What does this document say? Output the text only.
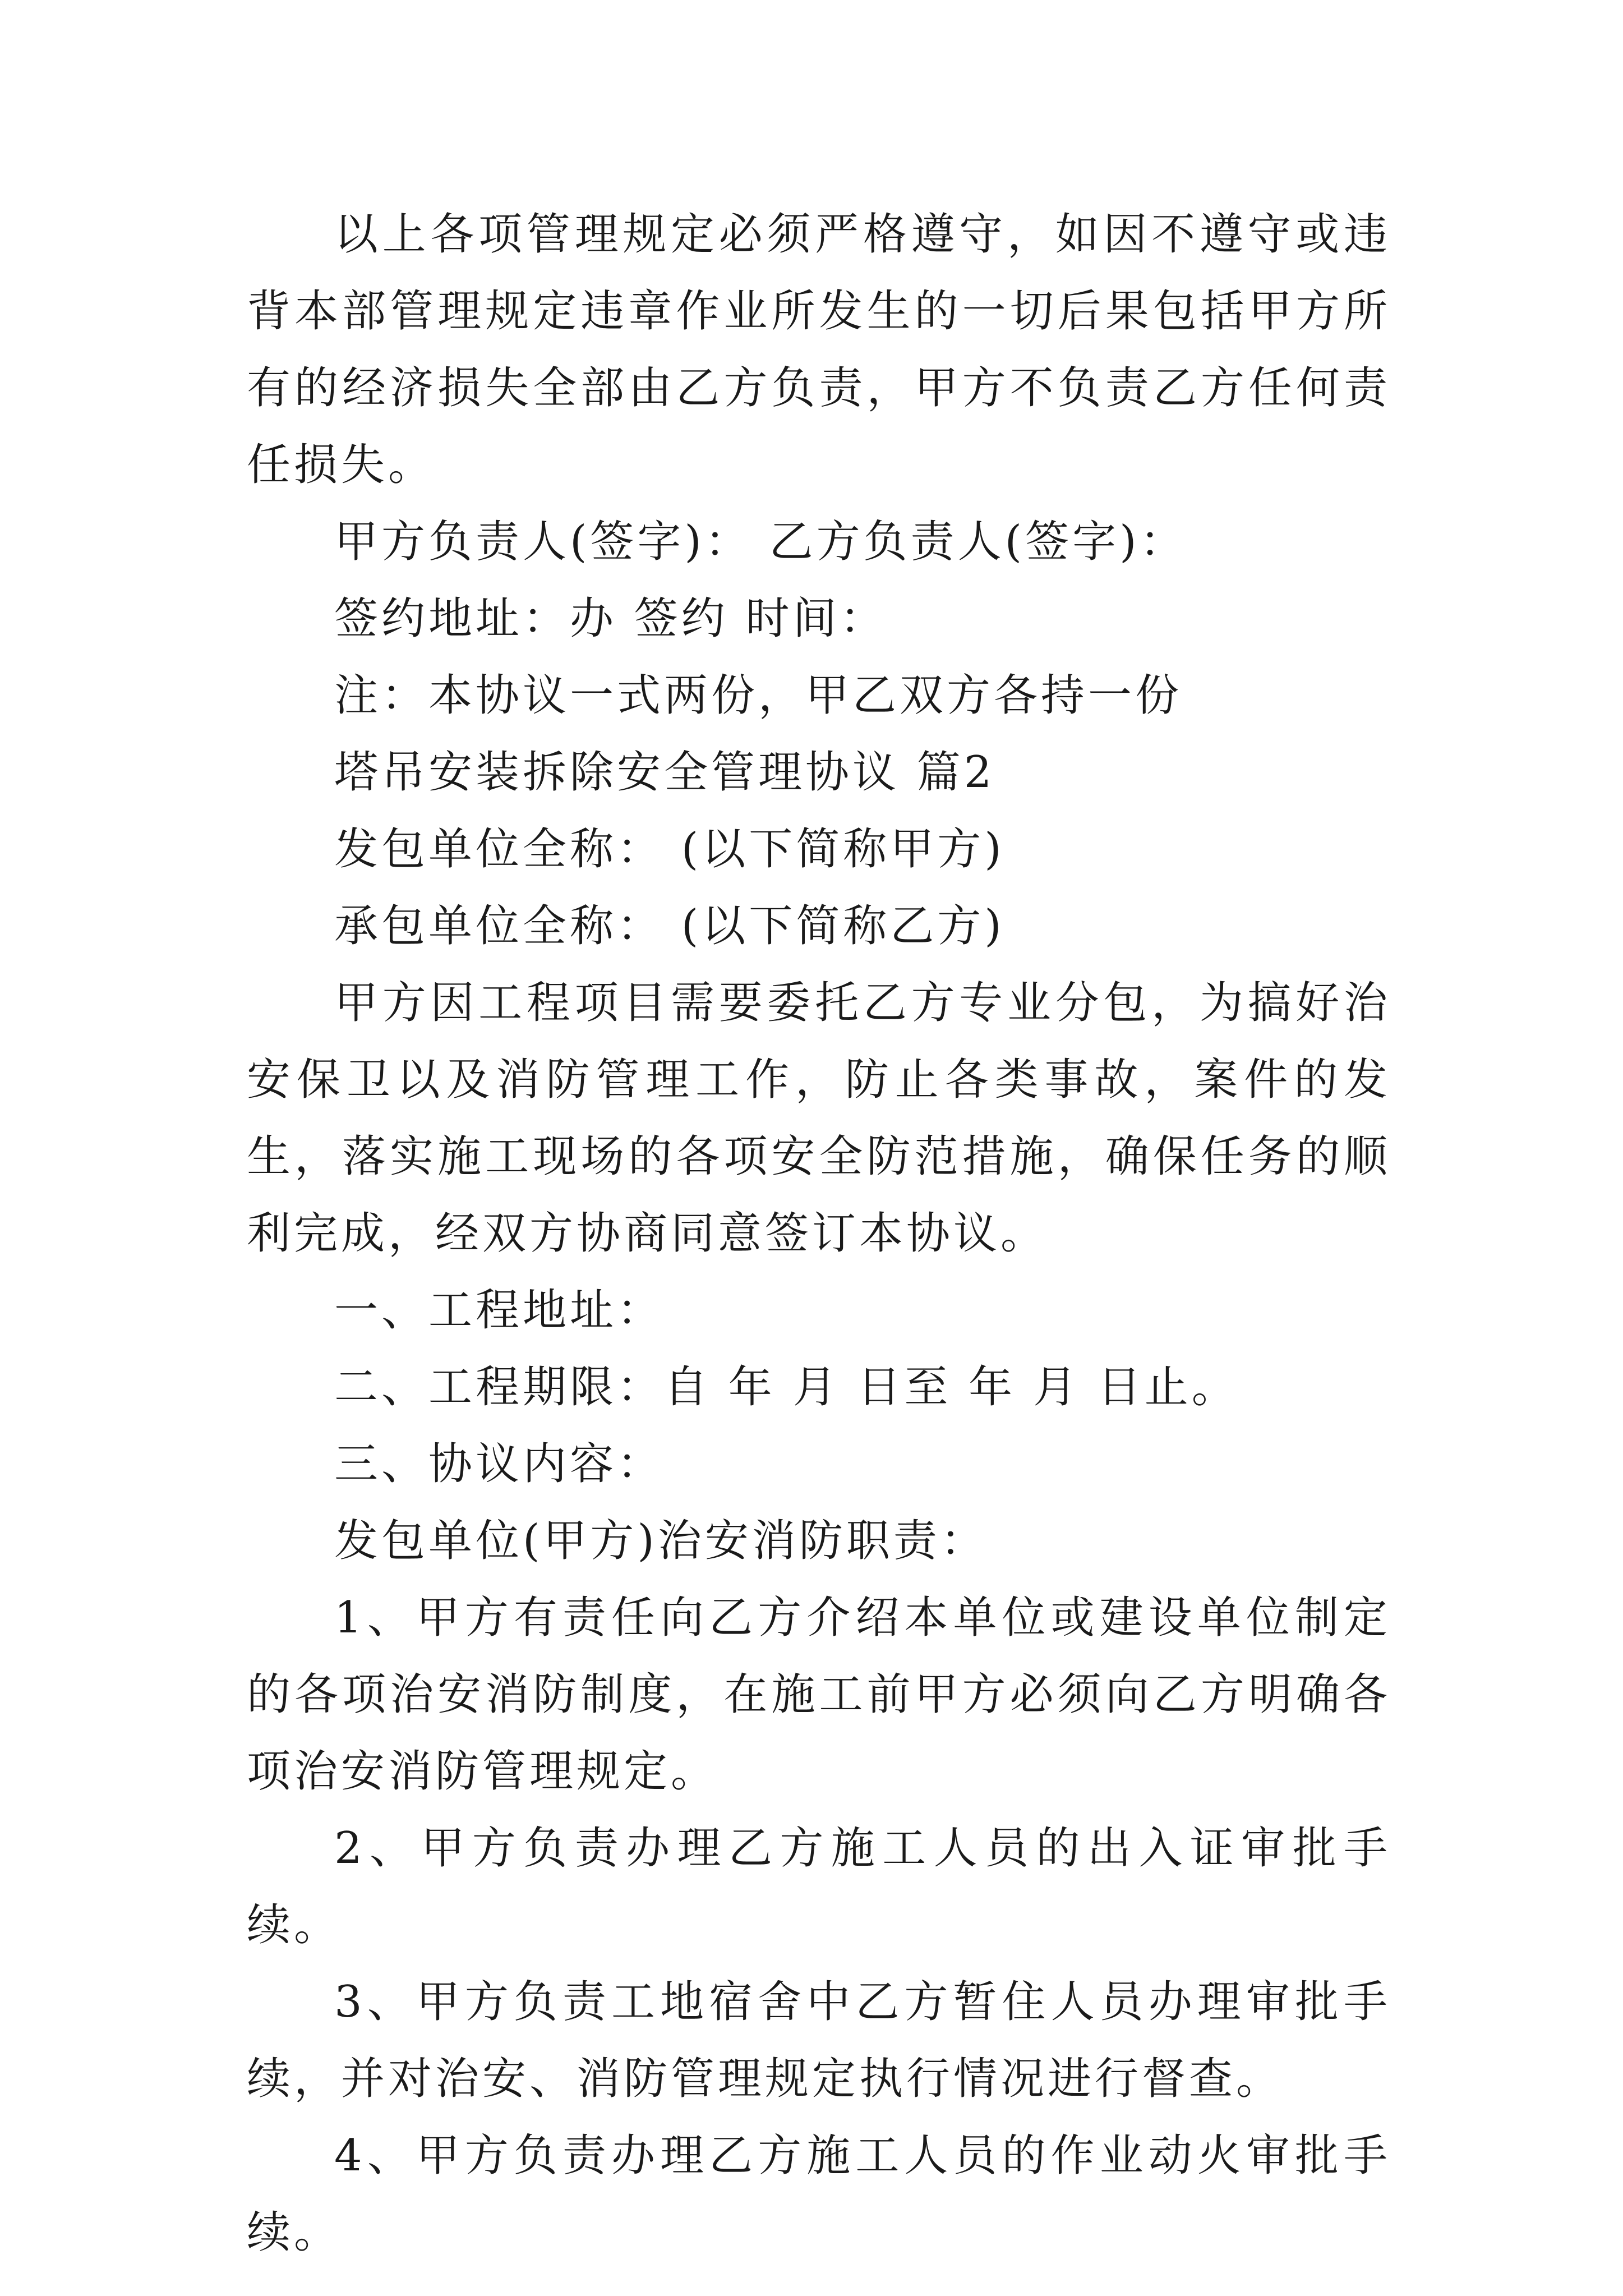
以上各项管理规定必须严格遵守，如因不遵守或违背本部管理规定违章作业所发生的一切后果包括甲方所有的经济损失全部由乙方负责，甲方不负责乙方任何责任损失。

甲方负责人(签字)： 乙方负责人(签字)：

签约地址：办 签约 时间：

注：本协议一式两份，甲乙双方各持一份

塔吊安装拆除安全管理协议 篇2

发包单位全称： (以下简称甲方)

承包单位全称： (以下简称乙方)

甲方因工程项目需要委托乙方专业分包，为搞好治安保卫以及消防管理工作，防止各类事故，案件的发生，落实施工现场的各项安全防范措施，确保任务的顺利完成，经双方协商同意签订本协议。

一、工程地址：

二、工程期限：自 年 月 日至 年 月 日止。

三、协议内容：

发包单位(甲方)治安消防职责：

1、甲方有责任向乙方介绍本单位或建设单位制定的各项治安消防制度，在施工前甲方必须向乙方明确各项治安消防管理规定。

2、甲方负责办理乙方施工人员的出入证审批手续。

3、甲方负责工地宿舍中乙方暂住人员办理审批手续，并对治安、消防管理规定执行情况进行督查。

4、甲方负责办理乙方施工人员的作业动火审批手续。
